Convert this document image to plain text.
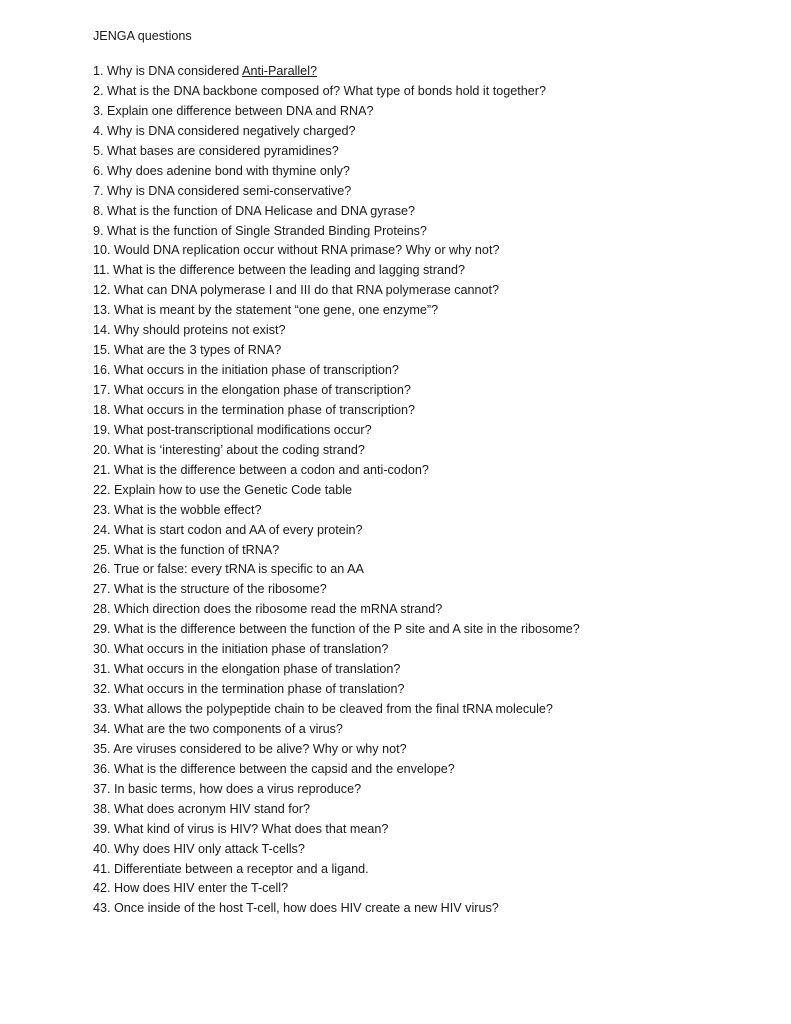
JENGA questions
1. Why is DNA considered Anti-Parallel?
2. What is the DNA backbone composed of? What type of bonds hold it together?
3. Explain one difference between DNA and RNA?
4. Why is DNA considered negatively charged?
5. What bases are considered pyramidines?
6. Why does adenine bond with thymine only?
7. Why is DNA considered semi-conservative?
8. What is the function of DNA Helicase and DNA gyrase?
9. What is the function of Single Stranded Binding Proteins?
10. Would DNA replication occur without RNA primase? Why or why not?
11. What is the difference between the leading and lagging strand?
12. What can DNA polymerase I and III do that RNA polymerase cannot?
13. What is meant by the statement “one gene, one enzyme”?
14. Why should proteins not exist?
15. What are the 3 types of RNA?
16. What occurs in the initiation phase of transcription?
17. What occurs in the elongation phase of transcription?
18. What occurs in the termination phase of transcription?
19. What post-transcriptional modifications occur?
20. What is ‘interesting’ about the coding strand?
21. What is the difference between a codon and anti-codon?
22. Explain how to use the Genetic Code table
23. What is the wobble effect?
24. What is start codon and AA of every protein?
25. What is the function of tRNA?
26. True or false: every tRNA is specific to an AA
27. What is the structure of the ribosome?
28. Which direction does the ribosome read the mRNA strand?
29. What is the difference between the function of the P site and A site in the ribosome?
30. What occurs in the initiation phase of translation?
31. What occurs in the elongation phase of translation?
32. What occurs in the termination phase of translation?
33. What allows the polypeptide chain to be cleaved from the final tRNA molecule?
34. What are the two components of a virus?
35. Are viruses considered to be alive? Why or why not?
36. What is the difference between the capsid and the envelope?
37. In basic terms, how does a virus reproduce?
38. What does acronym HIV stand for?
39. What kind of virus is HIV? What does that mean?
40. Why does HIV only attack T-cells?
41. Differentiate between a receptor and a ligand.
42. How does HIV enter the T-cell?
43. Once inside of the host T-cell, how does HIV create a new HIV virus?
